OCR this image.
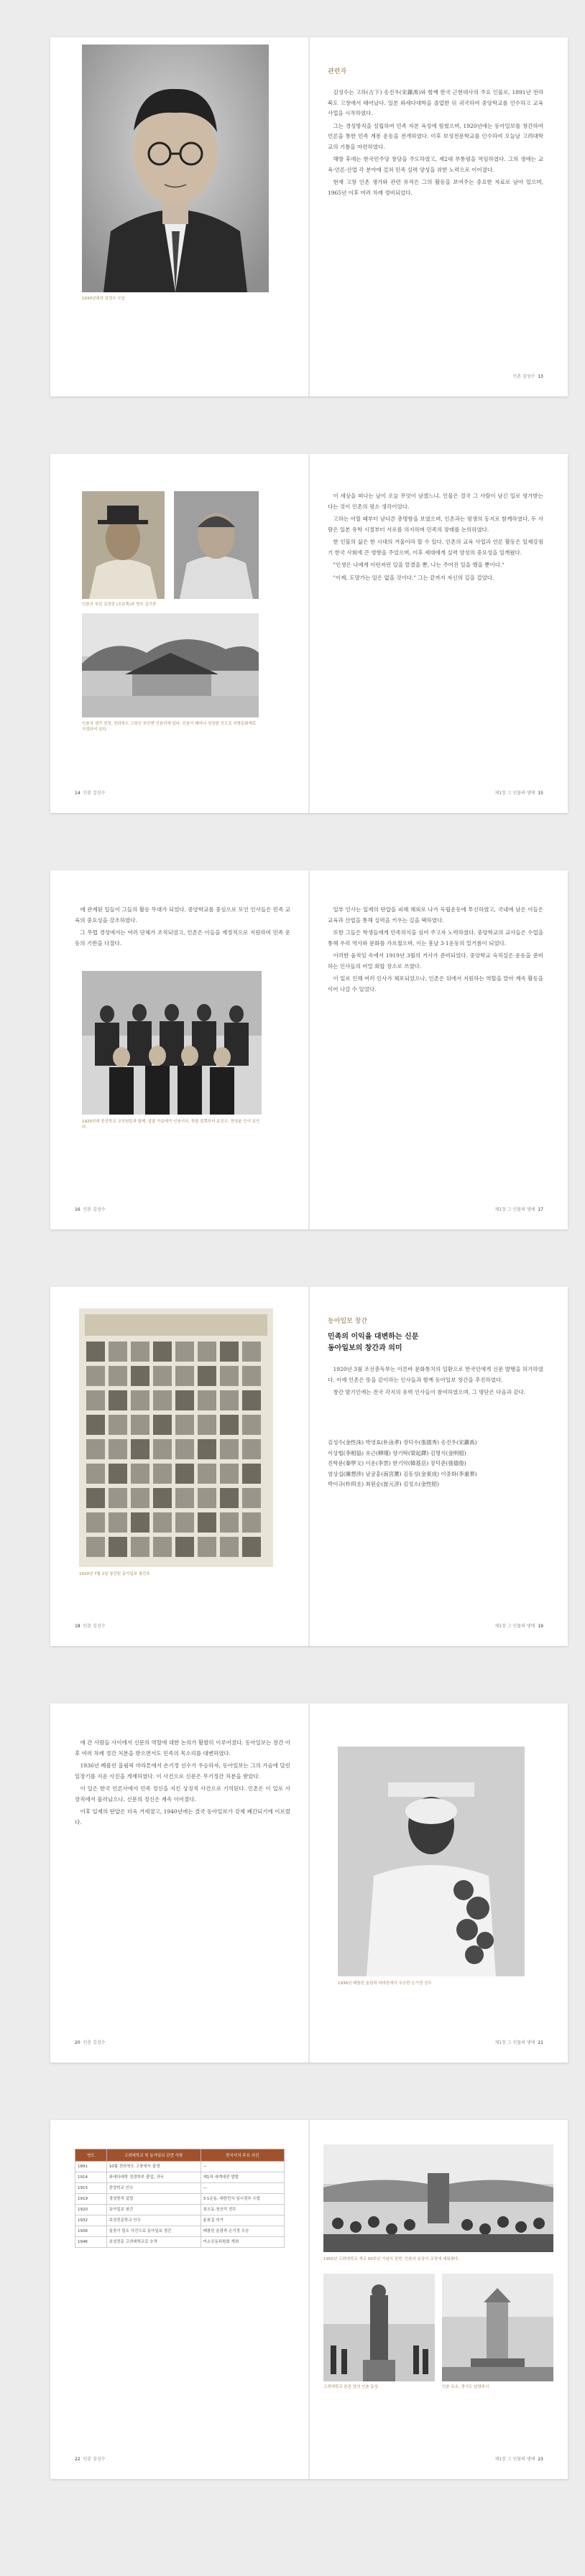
1930년대의 김성수 모습
관련자

김성수는 고하(古下) 송진우(宋鎭禹)와 함께 한국 근현대사의 주요 인물로, 1891년 전라북도 고창에서 태어났다. 일본 와세다대학을 졸업한 뒤 귀국하여 중앙학교를 인수하고 교육 사업을 시작하였다.

그는 경성방직을 설립하여 민족 자본 육성에 힘썼으며, 1920년에는 동아일보를 창간하여 언론을 통한 민족 계몽 운동을 전개하였다. 이후 보성전문학교를 인수하여 오늘날 고려대학교의 기틀을 마련하였다.

해방 후에는 한국민주당 창당을 주도하였고, 제2대 부통령을 역임하였다. 그의 생애는 교육·언론·산업 각 분야에 걸쳐 민족 실력 양성을 위한 노력으로 이어졌다.

현재 고창 인촌 생가와 관련 유적은 그의 활동을 보여주는 중요한 자료로 남아 있으며, 1965년 이후 여러 차례 정비되었다.

인촌 김성수 13
인촌의 부친 김경중 (오른쪽)과 양부 김기중
인촌의 생가 전경, 전라북도 고창군 부안면 인촌리에 있다. 인촌이 태어나 성장한 곳으로 지방문화재로 지정되어 있다.
14 인촌 김성수

이 세상을 떠나는 날이 오늘 무엇이 남겠느냐. 인물은 결국 그 사람이 남긴 일로 평가받는다는 것이 인촌의 평소 생각이었다.

고하는 어릴 때부터 남다른 총명함을 보였으며, 인촌과는 평생의 동지로 함께하였다. 두 사람은 일본 유학 시절부터 서로를 의지하며 민족의 장래를 논의하였다.

한 인물의 삶은 한 시대의 거울이라 할 수 있다. 인촌의 교육 사업과 언론 활동은 일제강점기 한국 사회에 큰 영향을 주었으며, 이후 세대에게 실력 양성의 중요성을 일깨웠다.

"인생은 나에게 이런저런 일을 맡겼을 뿐, 나는 주어진 일을 했을 뿐이다."

"이제, 도망가는 일은 없을 것이다." 그는 끝까지 자신의 길을 걸었다.

제1장 그 인물의 생애 15

에 관계된 일들이 그들의 활동 무대가 되었다. 중앙학교를 중심으로 모인 인사들은 민족 교육의 중요성을 강조하였다.

그 무렵 경성에서는 여러 단체가 조직되었고, 인촌은 이들을 재정적으로 지원하며 민족 운동의 기반을 다졌다.

1920년대 중앙학교 교직원들과 함께. 앞줄 가운데가 인촌이다. 뒷줄 왼쪽부터 송진우, 현상윤 등이 보인다.
16 인촌 김성수

일부 인사는 일제의 탄압을 피해 해외로 나가 독립운동에 투신하였고, 국내에 남은 이들은 교육과 산업을 통해 실력을 키우는 길을 택하였다.

또한 그들은 학생들에게 민족의식을 심어 주고자 노력하였다. 중앙학교의 교사들은 수업을 통해 우리 역사와 문화를 가르쳤으며, 이는 훗날 3·1운동의 밑거름이 되었다.

이러한 움직임 속에서 1919년 3월의 거사가 준비되었다. 중앙학교 숙직실은 운동을 준비하는 인사들의 비밀 회합 장소로 쓰였다.

이 일로 인해 여러 인사가 체포되었으나, 인촌은 뒤에서 지원하는 역할을 맡아 계속 활동을 이어 나갈 수 있었다.

제1장 그 인물의 생애 17
1920년 7월 2일 창간된 동아일보 창간호
18 인촌 김성수
동아일보 창간
민족의 이익을 대변하는 신문
동아일보의 창간과 의미

1920년 3월 조선총독부는 이른바 문화통치의 일환으로 한국인에게 신문 발행을 허가하였다. 이에 인촌은 뜻을 같이하는 인사들과 함께 동아일보 창간을 추진하였다.

창간 발기인에는 전국 각지의 유력 인사들이 참여하였으며, 그 명단은 다음과 같다.

김성수(金性洙) 박영효(朴泳孝) 장덕수(張德秀) 송진우(宋鎭禹)
이상협(李相協) 유근(柳瑾) 양기탁(梁起鐸) 김명식(金明植)
진학문(秦學文) 이운(李雲) 한기악(韓基岳) 장덕준(張德俊)
염상섭(廉想涉) 남궁훈(南宮薰) 김동성(金東成) 이중화(李重華)
박이규(朴珥圭) 최원순(崔元淳) 김성소(金性昭)
제1장 그 인물의 생애 19

에 간 사람들 사이에서 신문의 역할에 대한 논의가 활발히 이루어졌다. 동아일보는 창간 이후 여러 차례 정간 처분을 받으면서도 민족의 목소리를 대변하였다.

1936년 베를린 올림픽 마라톤에서 손기정 선수가 우승하자, 동아일보는 그의 가슴에 달린 일장기를 지운 사진을 게재하였다. 이 사건으로 신문은 무기정간 처분을 받았다.

이 일은 한국 언론사에서 민족 정신을 지킨 상징적 사건으로 기억된다. 인촌은 이 일로 사장직에서 물러났으나, 신문의 정신은 계속 이어졌다.

이후 일제의 탄압은 더욱 거세졌고, 1940년에는 결국 동아일보가 강제 폐간되기에 이르렀다.

20 인촌 김성수
1936년 베를린 올림픽 마라톤에서 우승한 손기정 선수
제1장 그 인물의 생애 21
연도	고려대학교 및 동아일보 관련 사항	한국사의 주요 사건
1891	10월 전라북도 고창에서 출생	—
1914	와세다대학 정경학부 졸업, 귀국	제1차 세계대전 발발
1915	중앙학교 인수	—
1919	경성방직 설립	3·1운동, 대한민국 임시정부 수립
1920	동아일보 창간	봉오동·청산리 전투
1932	보성전문학교 인수	윤봉길 의거
1936	일장기 말소 사건으로 동아일보 정간	베를린 올림픽 손기정 우승
1946	보성전문 고려대학교로 승격	미소공동위원회 개최
22 인촌 김성수
1955년 고려대학교 개교 50주년 기념식 장면. 인촌의 동상이 교정에 세워졌다.
고려대학교 본관 앞의 인촌 동상	인촌 묘소, 경기도 남양주시
제1장 그 인물의 생애 23
